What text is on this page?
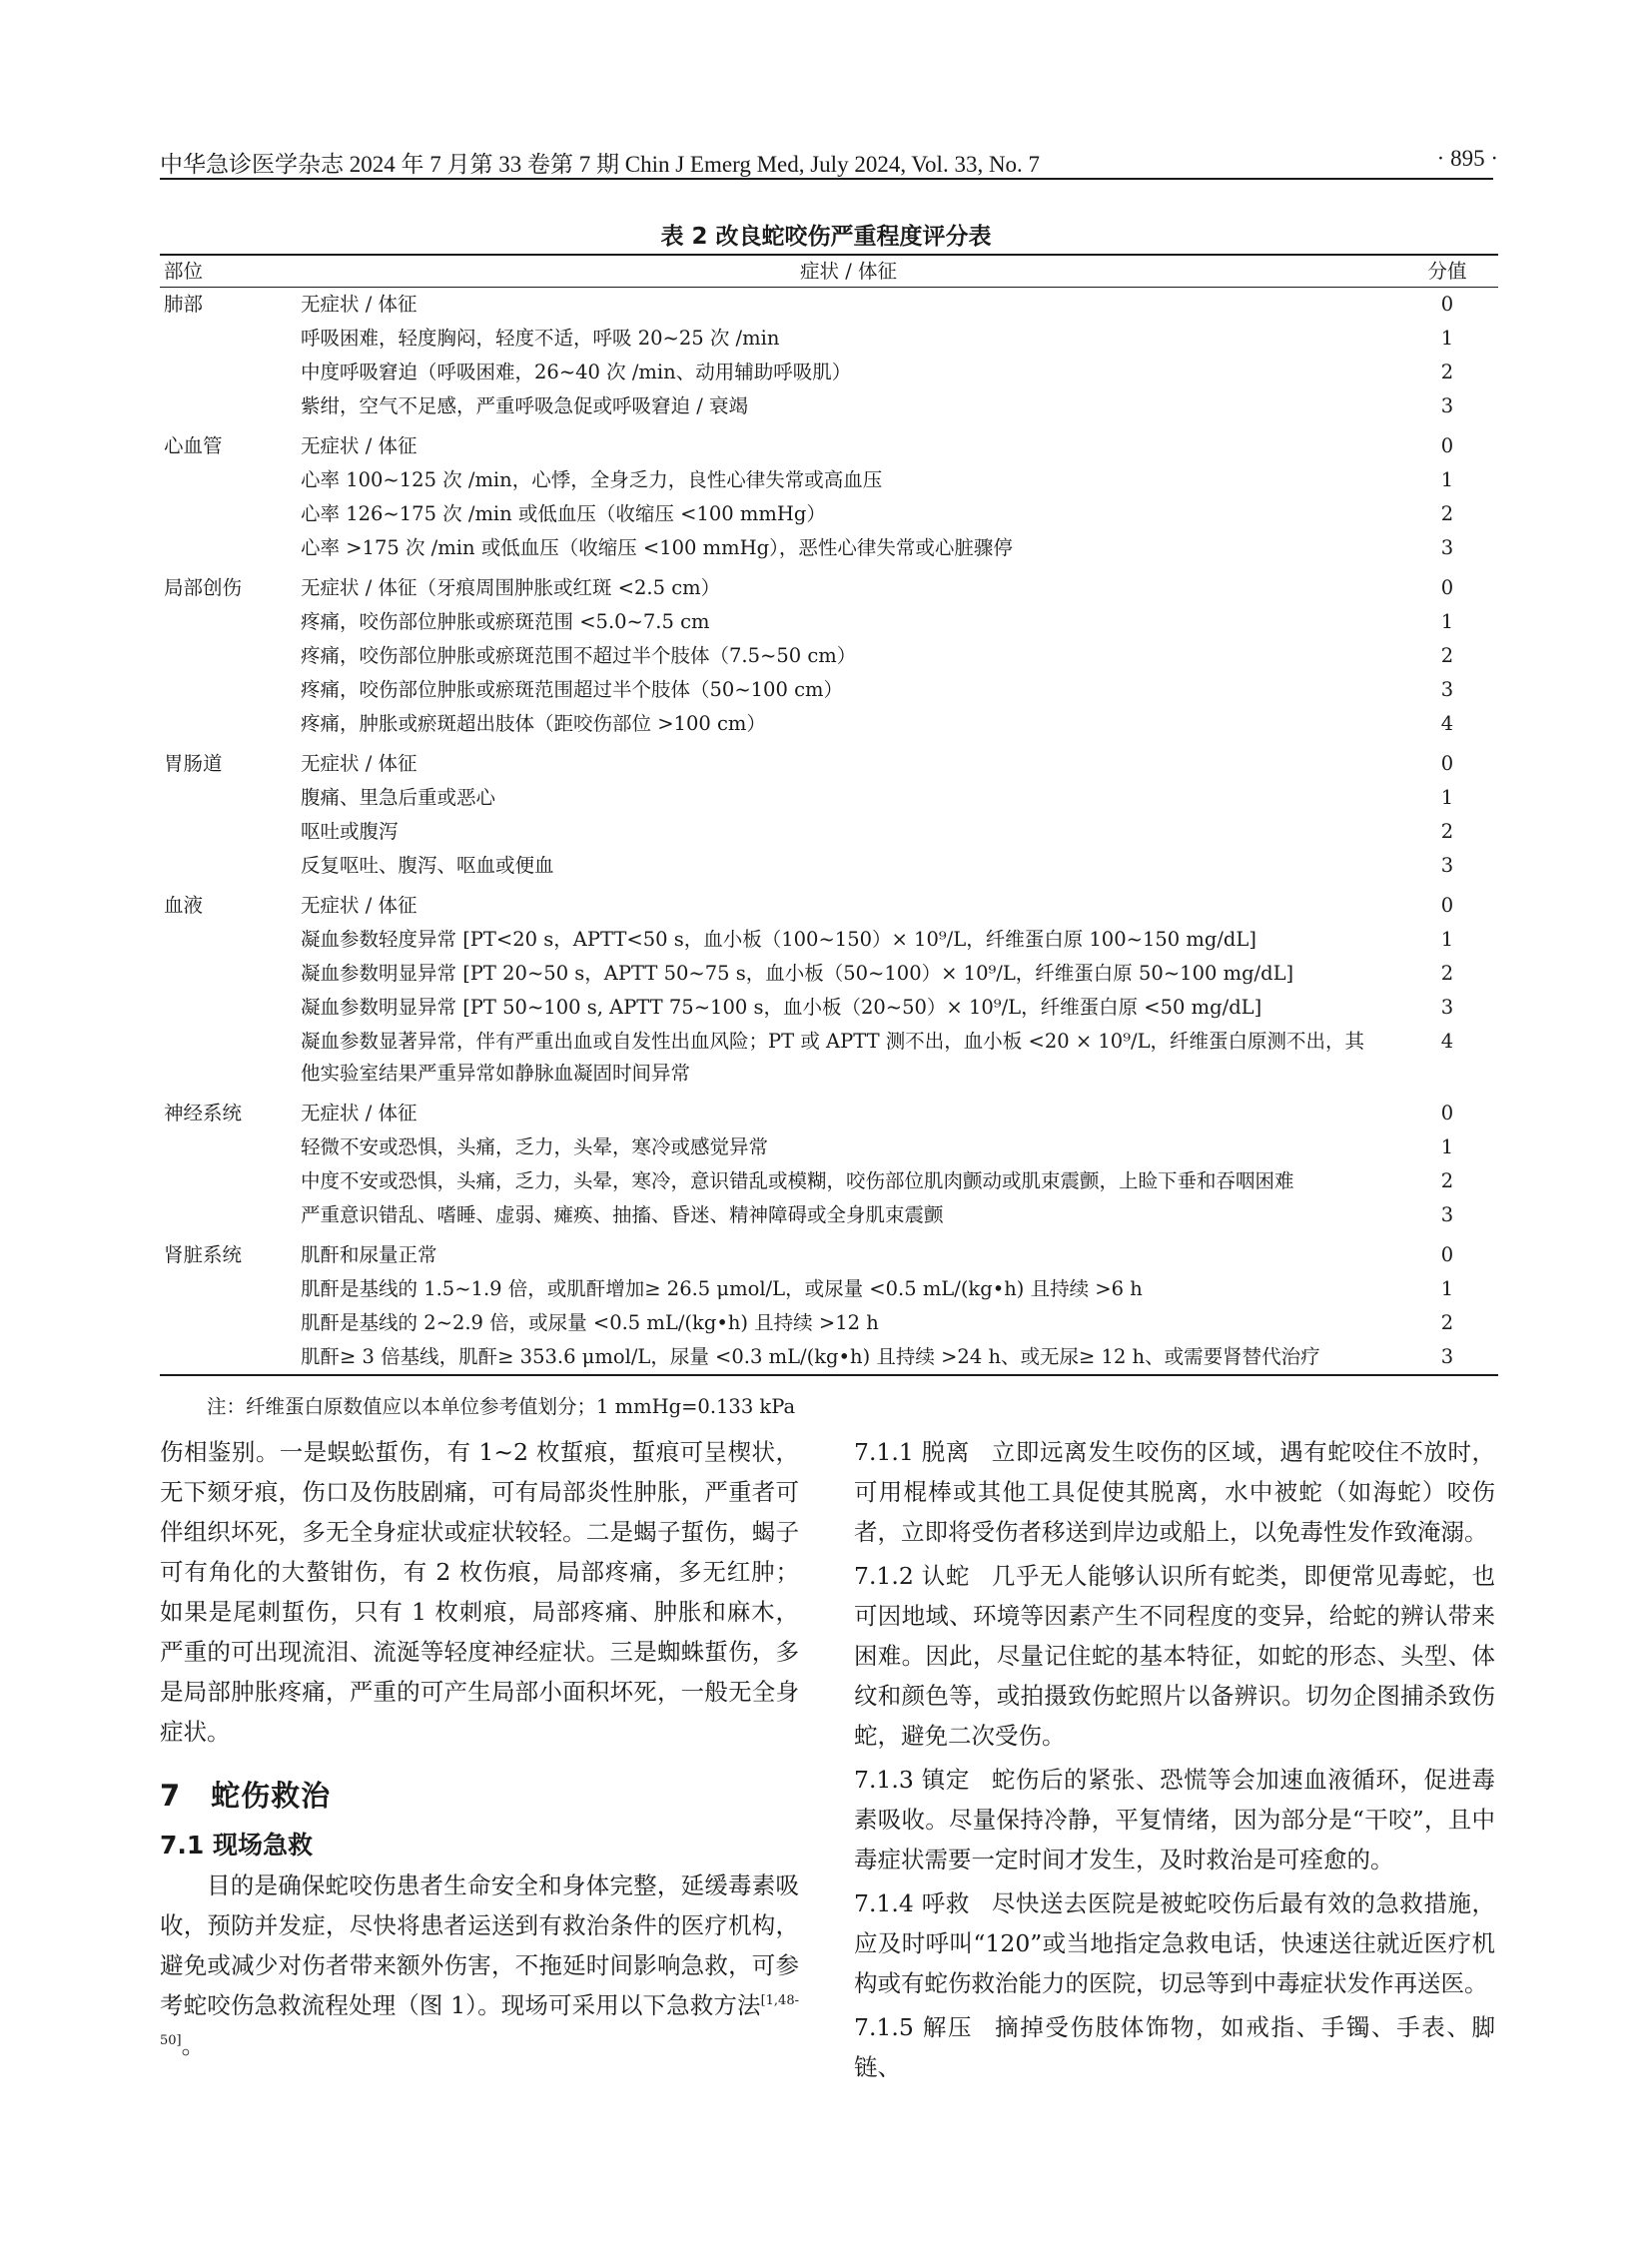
中华急诊医学杂志 2024 年 7 月第 33 卷第 7 期 Chin J Emerg Med, July 2024, Vol. 33, No. 7	· 895 ·
表 2 改良蛇咬伤严重程度评分表
部位	症状 / 体征	分值
肺部	无症状 / 体征	0
	呼吸困难，轻度胸闷，轻度不适，呼吸 20~25 次 /min	1
	中度呼吸窘迫（呼吸困难，26~40 次 /min、动用辅助呼吸肌）	2
	紫绀，空气不足感，严重呼吸急促或呼吸窘迫 / 衰竭	3
心血管	无症状 / 体征	0
	心率 100~125 次 /min，心悸，全身乏力，良性心律失常或高血压	1
	心率 126~175 次 /min 或低血压（收缩压 <100 mmHg）	2
	心率 >175 次 /min 或低血压（收缩压 <100 mmHg），恶性心律失常或心脏骤停	3
局部创伤	无症状 / 体征（牙痕周围肿胀或红斑 <2.5 cm）	0
	疼痛，咬伤部位肿胀或瘀斑范围 <5.0~7.5 cm	1
	疼痛，咬伤部位肿胀或瘀斑范围不超过半个肢体（7.5~50 cm）	2
	疼痛，咬伤部位肿胀或瘀斑范围超过半个肢体（50~100 cm）	3
	疼痛，肿胀或瘀斑超出肢体（距咬伤部位 >100 cm）	4
胃肠道	无症状 / 体征	0
	腹痛、里急后重或恶心	1
	呕吐或腹泻	2
	反复呕吐、腹泻、呕血或便血	3
血液	无症状 / 体征	0
	凝血参数轻度异常 [PT<20 s，APTT<50 s，血小板（100~150）× 10⁹/L，纤维蛋白原 100~150 mg/dL]	1
	凝血参数明显异常 [PT 20~50 s，APTT 50~75 s，血小板（50~100）× 10⁹/L，纤维蛋白原 50~100 mg/dL]	2
	凝血参数明显异常 [PT 50~100 s, APTT 75~100 s，血小板（20~50）× 10⁹/L，纤维蛋白原 <50 mg/dL]	3
	凝血参数显著异常，伴有严重出血或自发性出血风险；PT 或 APTT 测不出，血小板 <20 × 10⁹/L，纤维蛋白原测不出，其他实验室结果严重异常如静脉血凝固时间异常	4
神经系统	无症状 / 体征	0
	轻微不安或恐惧，头痛，乏力，头晕，寒冷或感觉异常	1
	中度不安或恐惧，头痛，乏力，头晕，寒冷，意识错乱或模糊，咬伤部位肌肉颤动或肌束震颤，上睑下垂和吞咽困难	2
	严重意识错乱、嗜睡、虚弱、瘫痪、抽搐、昏迷、精神障碍或全身肌束震颤	3
肾脏系统	肌酐和尿量正常	0
	肌酐是基线的 1.5~1.9 倍，或肌酐增加≥ 26.5 μmol/L，或尿量 <0.5 mL/(kg•h) 且持续 >6 h	1
	肌酐是基线的 2~2.9 倍，或尿量 <0.5 mL/(kg•h) 且持续 >12 h	2
	肌酐≥ 3 倍基线，肌酐≥ 353.6 μmol/L，尿量 <0.3 mL/(kg•h) 且持续 >24 h、或无尿≥ 12 h、或需要肾替代治疗	3
注：纤维蛋白原数值应以本单位参考值划分；1 mmHg=0.133 kPa

伤相鉴别。一是蜈蚣蜇伤，有 1~2 枚蜇痕，蜇痕可呈楔状，无下颏牙痕，伤口及伤肢剧痛，可有局部炎性肿胀，严重者可伴组织坏死，多无全身症状或症状较轻。二是蝎子蜇伤，蝎子可有角化的大螯钳伤，有 2 枚伤痕，局部疼痛，多无红肿；如果是尾刺蜇伤，只有 1 枚刺痕，局部疼痛、肿胀和麻木，严重的可出现流泪、流涎等轻度神经症状。三是蜘蛛蜇伤，多是局部肿胀疼痛，严重的可产生局部小面积坏死，一般无全身症状。

7　蛇伤救治
7.1 现场急救

目的是确保蛇咬伤患者生命安全和身体完整，延缓毒素吸收，预防并发症，尽快将患者运送到有救治条件的医疗机构，避免或减少对伤者带来额外伤害，不拖延时间影响急救，可参考蛇咬伤急救流程处理（图 1）。现场可采用以下急救方法[1,48-50]。

7.1.1 脱离 立即远离发生咬伤的区域，遇有蛇咬住不放时，可用棍棒或其他工具促使其脱离，水中被蛇（如海蛇）咬伤者，立即将受伤者移送到岸边或船上，以免毒性发作致淹溺。

7.1.2 认蛇 几乎无人能够认识所有蛇类，即便常见毒蛇，也可因地域、环境等因素产生不同程度的变异，给蛇的辨认带来困难。因此，尽量记住蛇的基本特征，如蛇的形态、头型、体纹和颜色等，或拍摄致伤蛇照片以备辨识。切勿企图捕杀致伤蛇，避免二次受伤。

7.1.3 镇定 蛇伤后的紧张、恐慌等会加速血液循环，促进毒素吸收。尽量保持冷静，平复情绪，因为部分是“干咬”，且中毒症状需要一定时间才发生，及时救治是可痊愈的。

7.1.4 呼救 尽快送去医院是被蛇咬伤后最有效的急救措施，应及时呼叫“120”或当地指定急救电话，快速送往就近医疗机构或有蛇伤救治能力的医院，切忌等到中毒症状发作再送医。

7.1.5 解压 摘掉受伤肢体饰物，如戒指、手镯、手表、脚链、
